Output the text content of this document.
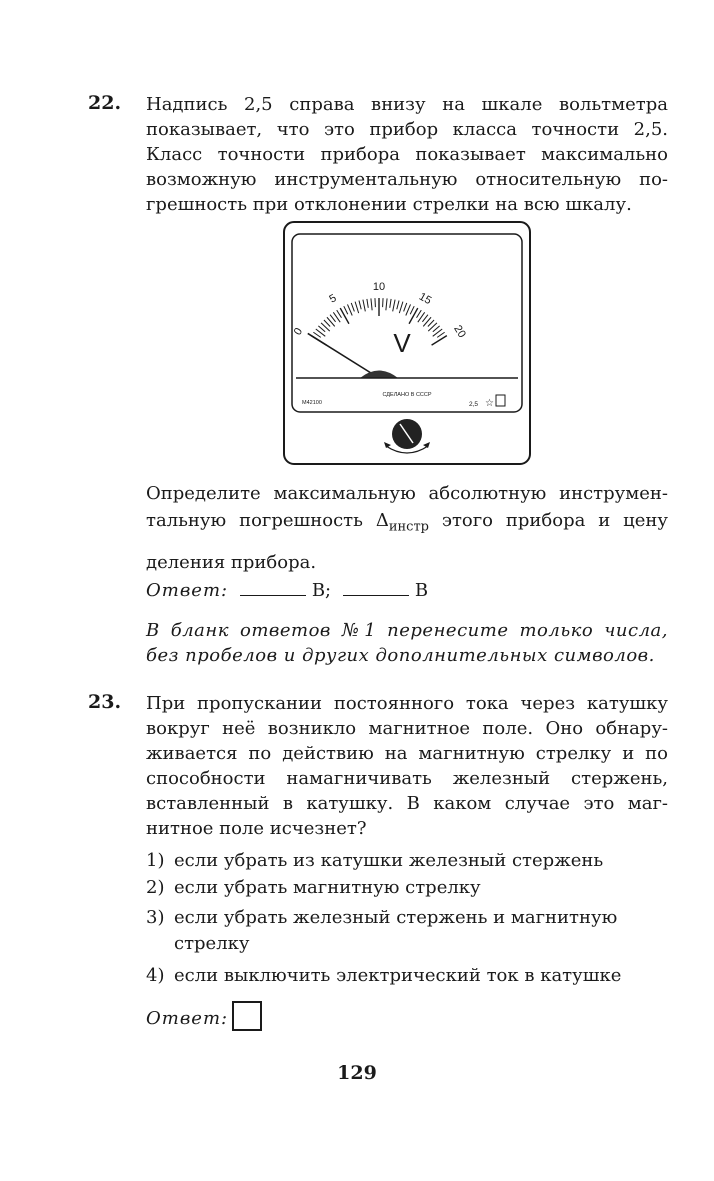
22. Надпись 2,5 справа внизу на шкале вольтметра
показывает, что это прибор класса точности 2,5.
Класс точности прибора показывает максимально
возможную инструментальную относительную по-
грешность при отклонении стрелки на всю шкалу.
0
5
10
15
20
V
СДЕЛАНО В СССР
М42100	2,5 ☆
Определите максимальную абсолютную инструмен-
тальную погрешность $\Delta_{инстр}$ этого прибора и цену
деления прибора.
Ответ:	В;	В
В бланк ответов №1 перенесите только числа,
без пробелов и других дополнительных символов.
23. При пропускании постоянного тока через катушку
вокруг неё возникло магнитное поле. Оно обнару-
живается по действию на магнитную стрелку и по
способности намагничивать железный стержень,
вставленный в катушку. В каком случае это маг-
нитное поле исчезнет?
1) если убрать из катушки железный стержень
2) если убрать магнитную стрелку
3) если убрать железный стержень и магнитную
стрелку
4) если выключить электрический ток в катушке
Ответ:
129
